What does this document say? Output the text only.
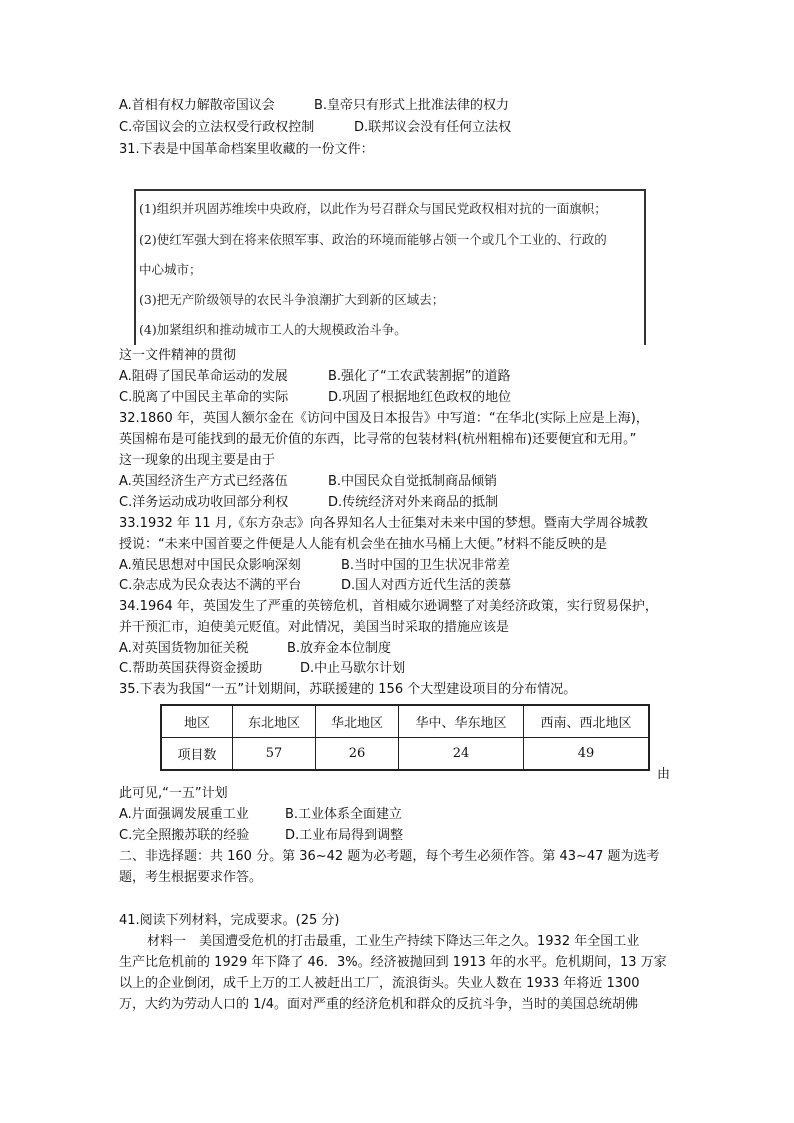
A.首相有权力解散帝国议会	B.皇帝只有形式上批准法律的权力
C.帝国议会的立法权受行政权控制	D.联邦议会没有任何立法权
31.下表是中国革命档案里收藏的一份文件：
(1)组织并巩固苏维埃中央政府，以此作为号召群众与国民党政权相对抗的一面旗帜；
(2)使红军强大到在将来依照军事、政治的环境而能够占领一个或几个工业的、行政的
中心城市；
(3)把无产阶级领导的农民斗争浪潮扩大到新的区域去；
(4)加紧组织和推动城市工人的大规模政治斗争。
这一文件精神的贯彻
A.阻碍了国民革命运动的发展	B.强化了“工农武装割据”的道路
C.脱离了中国民主革命的实际	D.巩固了根据地红色政权的地位
32.1860 年，英国人额尔金在《访问中国及日本报告》中写道：“在华北(实际上应是上海)，
英国棉布是可能找到的最无价值的东西，比寻常的包装材料(杭州粗棉布)还要便宜和无用。”
这一现象的出现主要是由于
A.英国经济生产方式已经落伍	B.中国民众自觉抵制商品倾销
C.洋务运动成功收回部分利权	D.传统经济对外来商品的抵制
33.1932 年 11 月,《东方杂志》向各界知名人士征集对未来中国的梦想。暨南大学周谷城教
授说：“未来中国首要之件便是人人能有机会坐在抽水马桶上大便。”材料不能反映的是
A.殖民思想对中国民众影响深刻	B.当时中国的卫生状况非常差
C.杂志成为民众表达不满的平台	D.国人对西方近代生活的羡慕
34.1964 年，英国发生了严重的英镑危机，首相威尔逊调整了对美经济政策，实行贸易保护，
并干预汇市，迫使美元贬值。对此情况，美国当时采取的措施应该是
A.对英国货物加征关税	B.放弃金本位制度
C.帮助英国获得资金援助	D.中止马歇尔计划
35.下表为我国“一五”计划期间，苏联援建的 156 个大型建设项目的分布情况。
地区	东北地区	华北地区	华中、华东地区	西南、西北地区
项目数	57	26	24	49
由
此可见,“一五”计划
A.片面强调发展重工业	B.工业体系全面建立
C.完全照搬苏联的经验	D.工业布局得到调整
二、非选择题：共 160 分。第 36~42 题为必考题，每个考生必须作答。第 43~47 题为选考
题，考生根据要求作答。
41.阅读下列材料，完成要求。(25 分)
材料一　美国遭受危机的打击最重，工业生产持续下降达三年之久。1932 年全国工业
生产比危机前的 1929 年下降了 46．3%。经济被抛回到 1913 年的水平。危机期间，13 万家
以上的企业倒闭，成千上万的工人被赶出工厂，流浪街头。失业人数在 1933 年将近 1300
万，大约为劳动人口的 1/4。面对严重的经济危机和群众的反抗斗争，当时的美国总统胡佛
